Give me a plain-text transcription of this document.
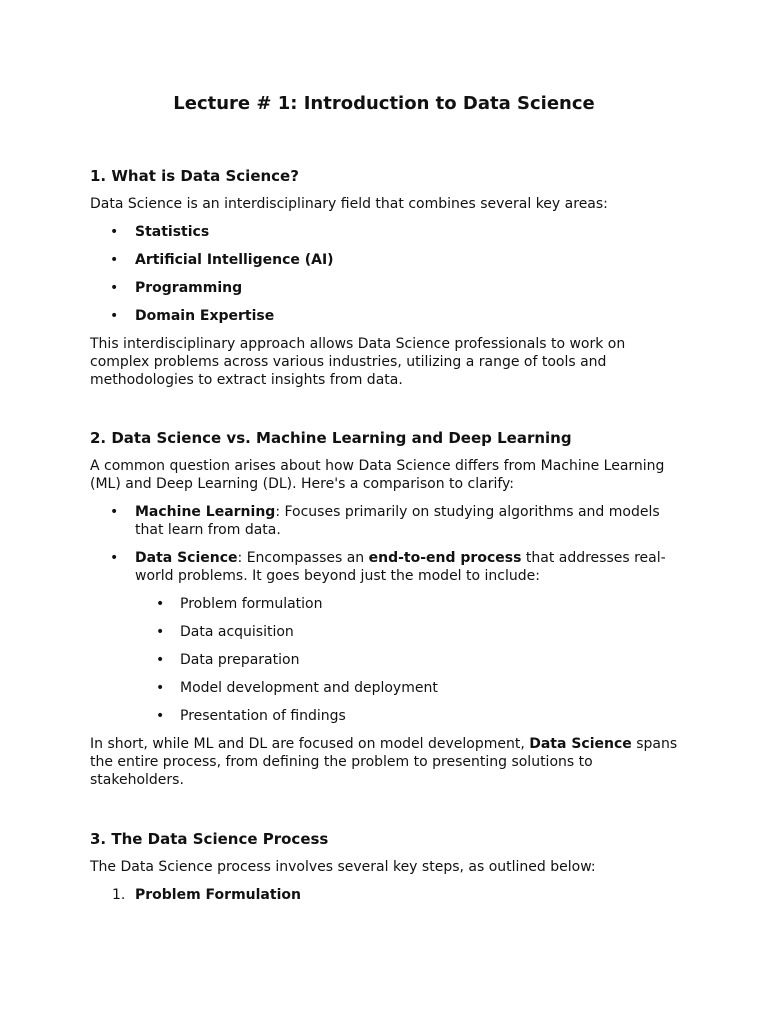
Lecture # 1: Introduction to Data Science
1. What is Data Science?

Data Science is an interdisciplinary field that combines several key areas:

• Statistics
• Artificial Intelligence (AI)
• Programming
• Domain Expertise

This interdisciplinary approach allows Data Science professionals to work on complex problems across various industries, utilizing a range of tools and methodologies to extract insights from data.

2. Data Science vs. Machine Learning and Deep Learning

A common question arises about how Data Science differs from Machine Learning (ML) and Deep Learning (DL). Here's a comparison to clarify:

• Machine Learning: Focuses primarily on studying algorithms and models that learn from data.
• Data Science: Encompasses an end-to-end process that addresses real-world problems. It goes beyond just the model to include:
• Problem formulation
• Data acquisition
• Data preparation
• Model development and deployment
• Presentation of findings

In short, while ML and DL are focused on model development, Data Science spans the entire process, from defining the problem to presenting solutions to stakeholders.

3. The Data Science Process

The Data Science process involves several key steps, as outlined below:

1. Problem Formulation
